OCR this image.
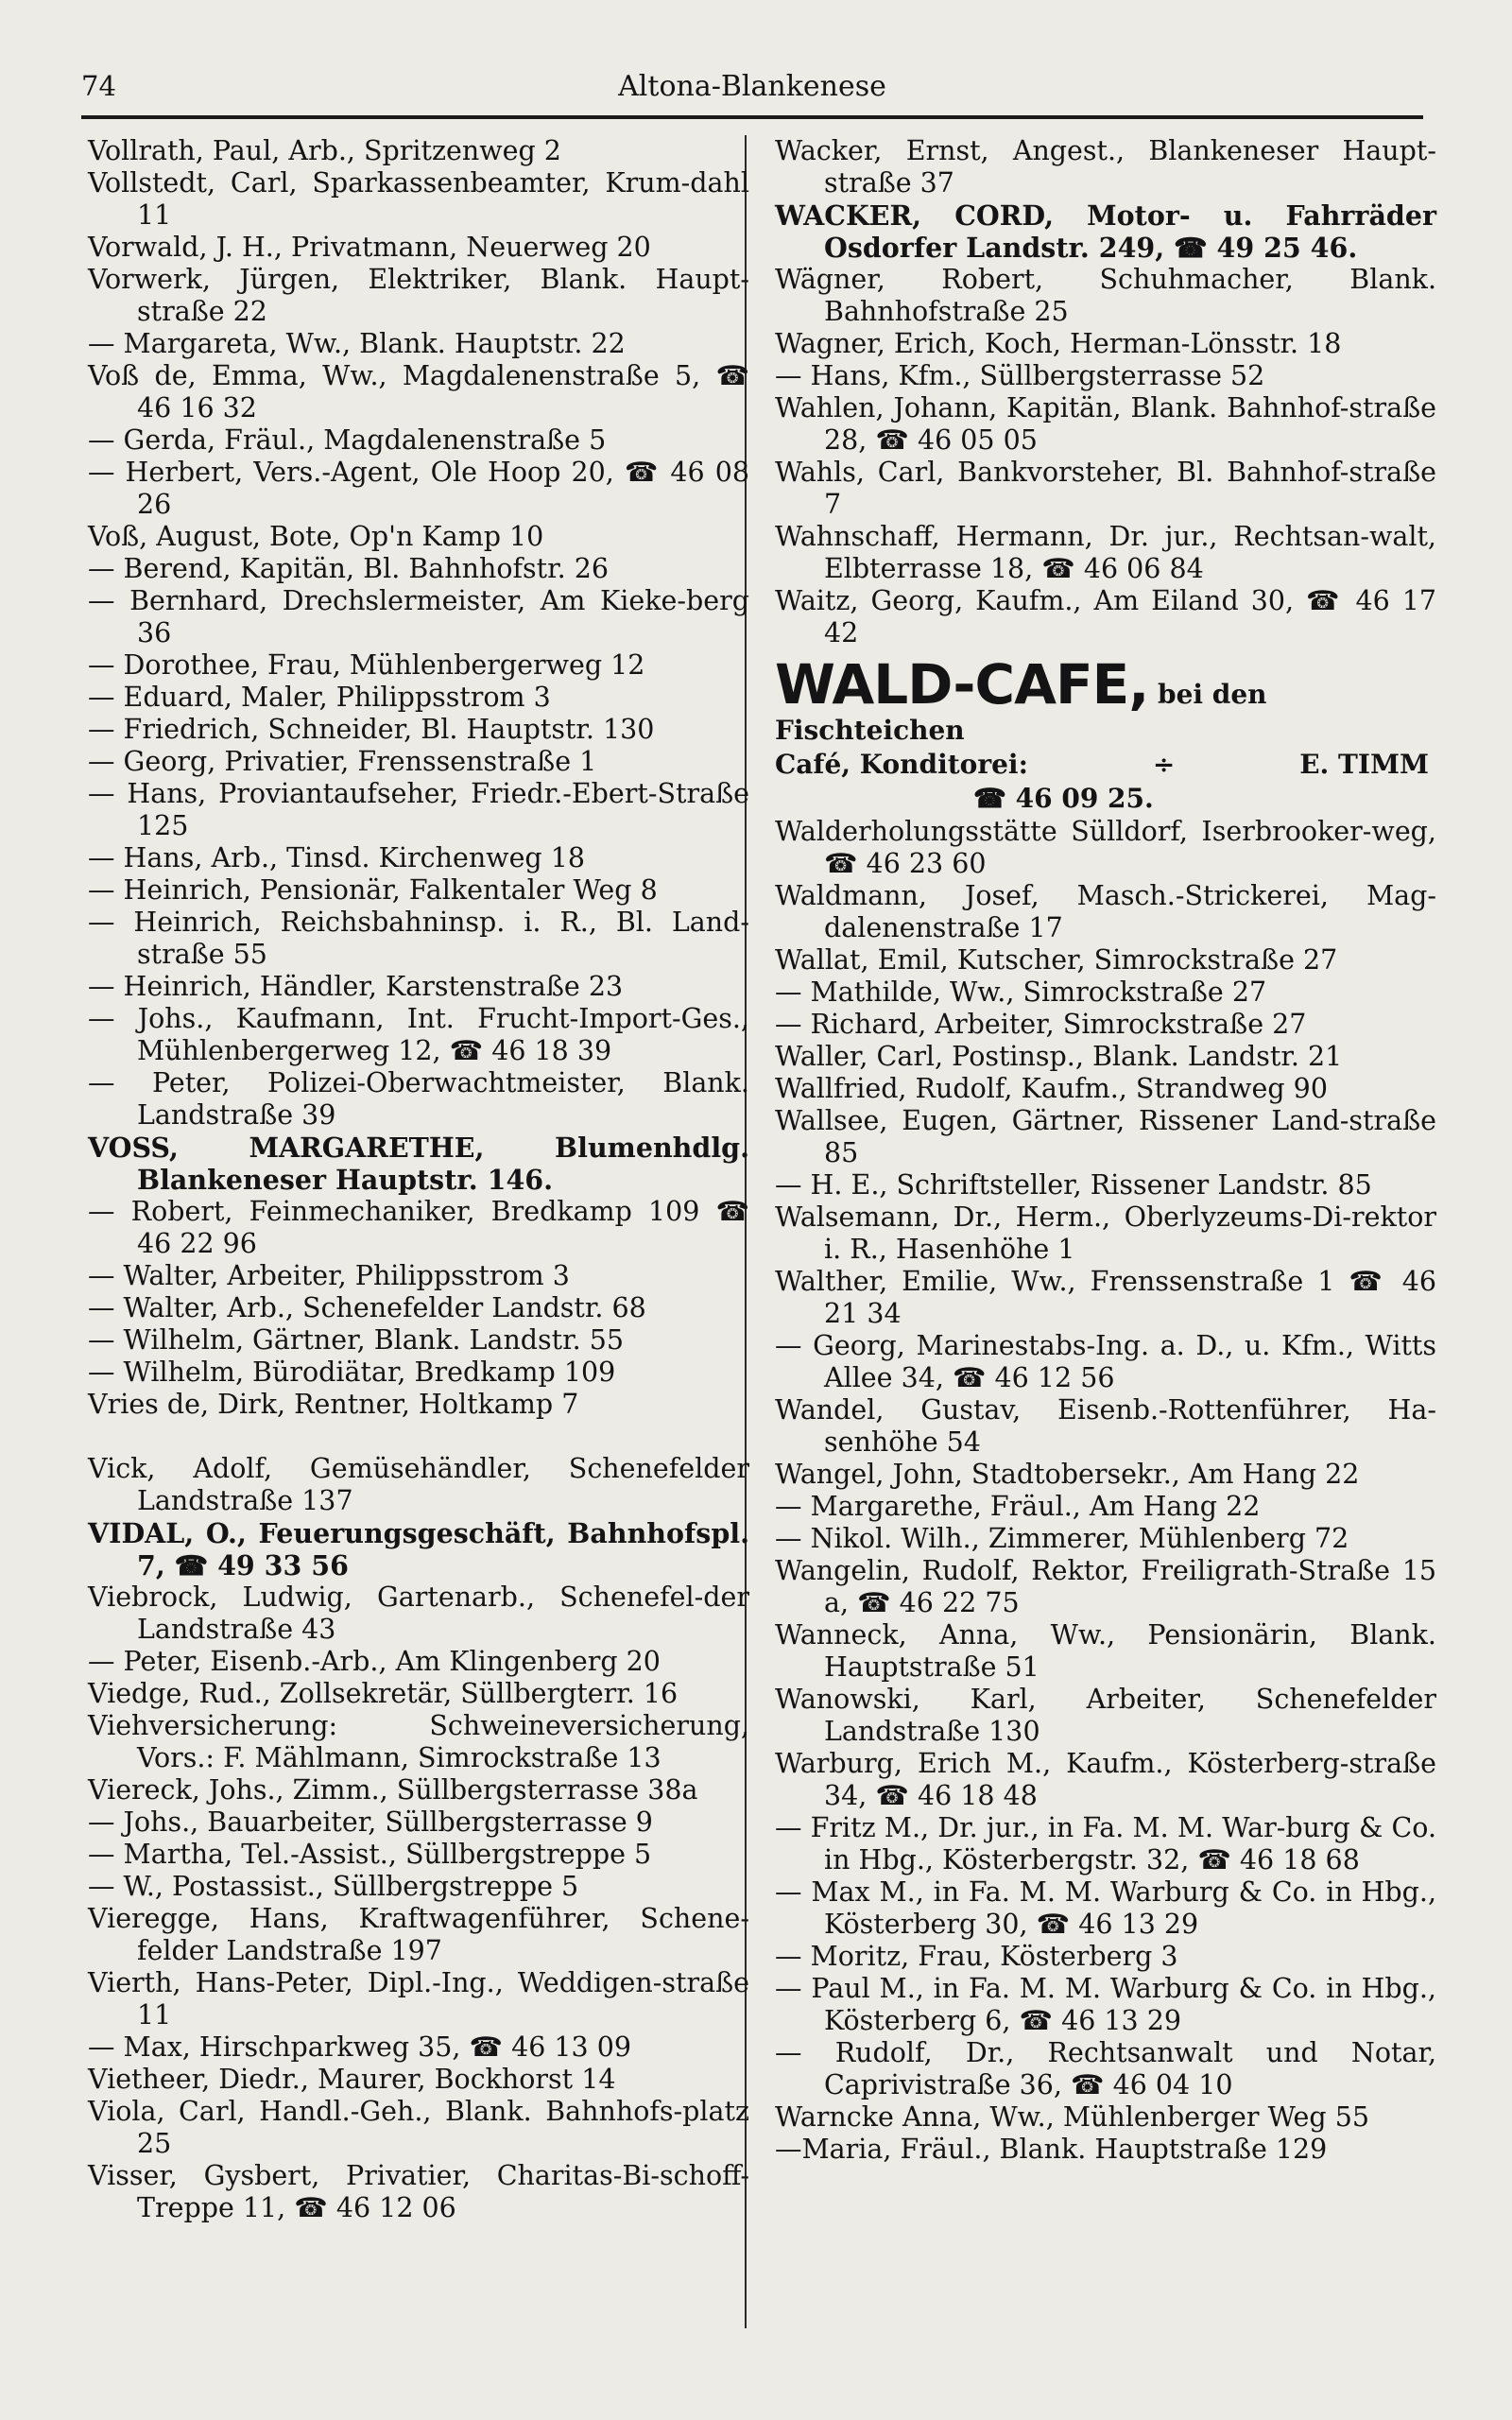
74	Altona-Blankenese
Vollrath, Paul, Arb., Spritzenweg 2
Vollstedt, Carl, Sparkassenbeamter, Krum-dahl 11
Vorwald, J. H., Privatmann, Neuerweg 20
Vorwerk, Jürgen, Elektriker, Blank. Haupt-straße 22
— Margareta, Ww., Blank. Hauptstr. 22
Voß de, Emma, Ww., Magdalenenstraße 5, ☎ 46 16 32
— Gerda, Fräul., Magdalenenstraße 5
— Herbert, Vers.-Agent, Ole Hoop 20, ☎ 46 08 26
Voß, August, Bote, Op'n Kamp 10
— Berend, Kapitän, Bl. Bahnhofstr. 26
— Bernhard, Drechslermeister, Am Kieke-berg 36
— Dorothee, Frau, Mühlenbergerweg 12
— Eduard, Maler, Philippsstrom 3
— Friedrich, Schneider, Bl. Hauptstr. 130
— Georg, Privatier, Frenssenstraße 1
— Hans, Proviantaufseher, Friedr.-Ebert-Straße 125
— Hans, Arb., Tinsd. Kirchenweg 18
— Heinrich, Pensionär, Falkentaler Weg 8
— Heinrich, Reichsbahninsp. i. R., Bl. Land-straße 55
— Heinrich, Händler, Karstenstraße 23
— Johs., Kaufmann, Int. Frucht-Import-Ges., Mühlenbergerweg 12, ☎ 46 18 39
— Peter, Polizei-Oberwachtmeister, Blank. Landstraße 39
VOSS, MARGARETHE, Blumenhdlg. Blankeneser Hauptstr. 146.
— Robert, Feinmechaniker, Bredkamp 109 ☎ 46 22 96
— Walter, Arbeiter, Philippsstrom 3
— Walter, Arb., Schenefelder Landstr. 68
— Wilhelm, Gärtner, Blank. Landstr. 55
— Wilhelm, Bürodiätar, Bredkamp 109
Vries de, Dirk, Rentner, Holtkamp 7
Vick, Adolf, Gemüsehändler, Schenefelder Landstraße 137
VIDAL, O., Feuerungsgeschäft, Bahnhofspl. 7, ☎ 49 33 56
Viebrock, Ludwig, Gartenarb., Schenefel-der Landstraße 43
— Peter, Eisenb.-Arb., Am Klingenberg 20
Viedge, Rud., Zollsekretär, Süllbergterr. 16
Viehversicherung: Schweineversicherung, Vors.: F. Mählmann, Simrockstraße 13
Viereck, Johs., Zimm., Süllbergsterrasse 38a
— Johs., Bauarbeiter, Süllbergsterrasse 9
— Martha, Tel.-Assist., Süllbergstreppe 5
— W., Postassist., Süllbergstreppe 5
Vieregge, Hans, Kraftwagenführer, Schene-felder Landstraße 197
Vierth, Hans-Peter, Dipl.-Ing., Weddigen-straße 11
— Max, Hirschparkweg 35, ☎ 46 13 09
Vietheer, Diedr., Maurer, Bockhorst 14
Viola, Carl, Handl.-Geh., Blank. Bahnhofs-platz 25
Visser, Gysbert, Privatier, Charitas-Bi-schoff-Treppe 11, ☎ 46 12 06
Wacker, Ernst, Angest., Blankeneser Haupt-straße 37
WACKER, CORD, Motor- u. Fahrräder Osdorfer Landstr. 249, ☎ 49 25 46.
Wägner, Robert, Schuhmacher, Blank. Bahnhofstraße 25
Wagner, Erich, Koch, Herman-Lönsstr. 18
— Hans, Kfm., Süllbergsterrasse 52
Wahlen, Johann, Kapitän, Blank. Bahnhof-straße 28, ☎ 46 05 05
Wahls, Carl, Bankvorsteher, Bl. Bahnhof-straße 7
Wahnschaff, Hermann, Dr. jur., Rechtsan-walt, Elbterrasse 18, ☎ 46 06 84
Waitz, Georg, Kaufm., Am Eiland 30, ☎ 46 17 42
WALD-CAFE, bei den Fischteichen
Café, Konditorei:	÷	E. TIMM
☎ 46 09 25.
Walderholungsstätte Sülldorf, Iserbrooker-weg, ☎ 46 23 60
Waldmann, Josef, Masch.-Strickerei, Mag-dalenenstraße 17
Wallat, Emil, Kutscher, Simrockstraße 27
— Mathilde, Ww., Simrockstraße 27
— Richard, Arbeiter, Simrockstraße 27
Waller, Carl, Postinsp., Blank. Landstr. 21
Wallfried, Rudolf, Kaufm., Strandweg 90
Wallsee, Eugen, Gärtner, Rissener Land-straße 85
— H. E., Schriftsteller, Rissener Landstr. 85
Walsemann, Dr., Herm., Oberlyzeums-Di-rektor i. R., Hasenhöhe 1
Walther, Emilie, Ww., Frenssenstraße 1 ☎ 46 21 34
— Georg, Marinestabs-Ing. a. D., u. Kfm., Witts Allee 34, ☎ 46 12 56
Wandel, Gustav, Eisenb.-Rottenführer, Ha-senhöhe 54
Wangel, John, Stadtobersekr., Am Hang 22
— Margarethe, Fräul., Am Hang 22
— Nikol. Wilh., Zimmerer, Mühlenberg 72
Wangelin, Rudolf, Rektor, Freiligrath-Straße 15 a, ☎ 46 22 75
Wanneck, Anna, Ww., Pensionärin, Blank. Hauptstraße 51
Wanowski, Karl, Arbeiter, Schenefelder Landstraße 130
Warburg, Erich M., Kaufm., Kösterberg-straße 34, ☎ 46 18 48
— Fritz M., Dr. jur., in Fa. M. M. War-burg & Co. in Hbg., Kösterbergstr. 32, ☎ 46 18 68
— Max M., in Fa. M. M. Warburg & Co. in Hbg., Kösterberg 30, ☎ 46 13 29
— Moritz, Frau, Kösterberg 3
— Paul M., in Fa. M. M. Warburg & Co. in Hbg., Kösterberg 6, ☎ 46 13 29
— Rudolf, Dr., Rechtsanwalt und Notar, Caprivistraße 36, ☎ 46 04 10
Warncke Anna, Ww., Mühlenberger Weg 55
—Maria, Fräul., Blank. Hauptstraße 129
